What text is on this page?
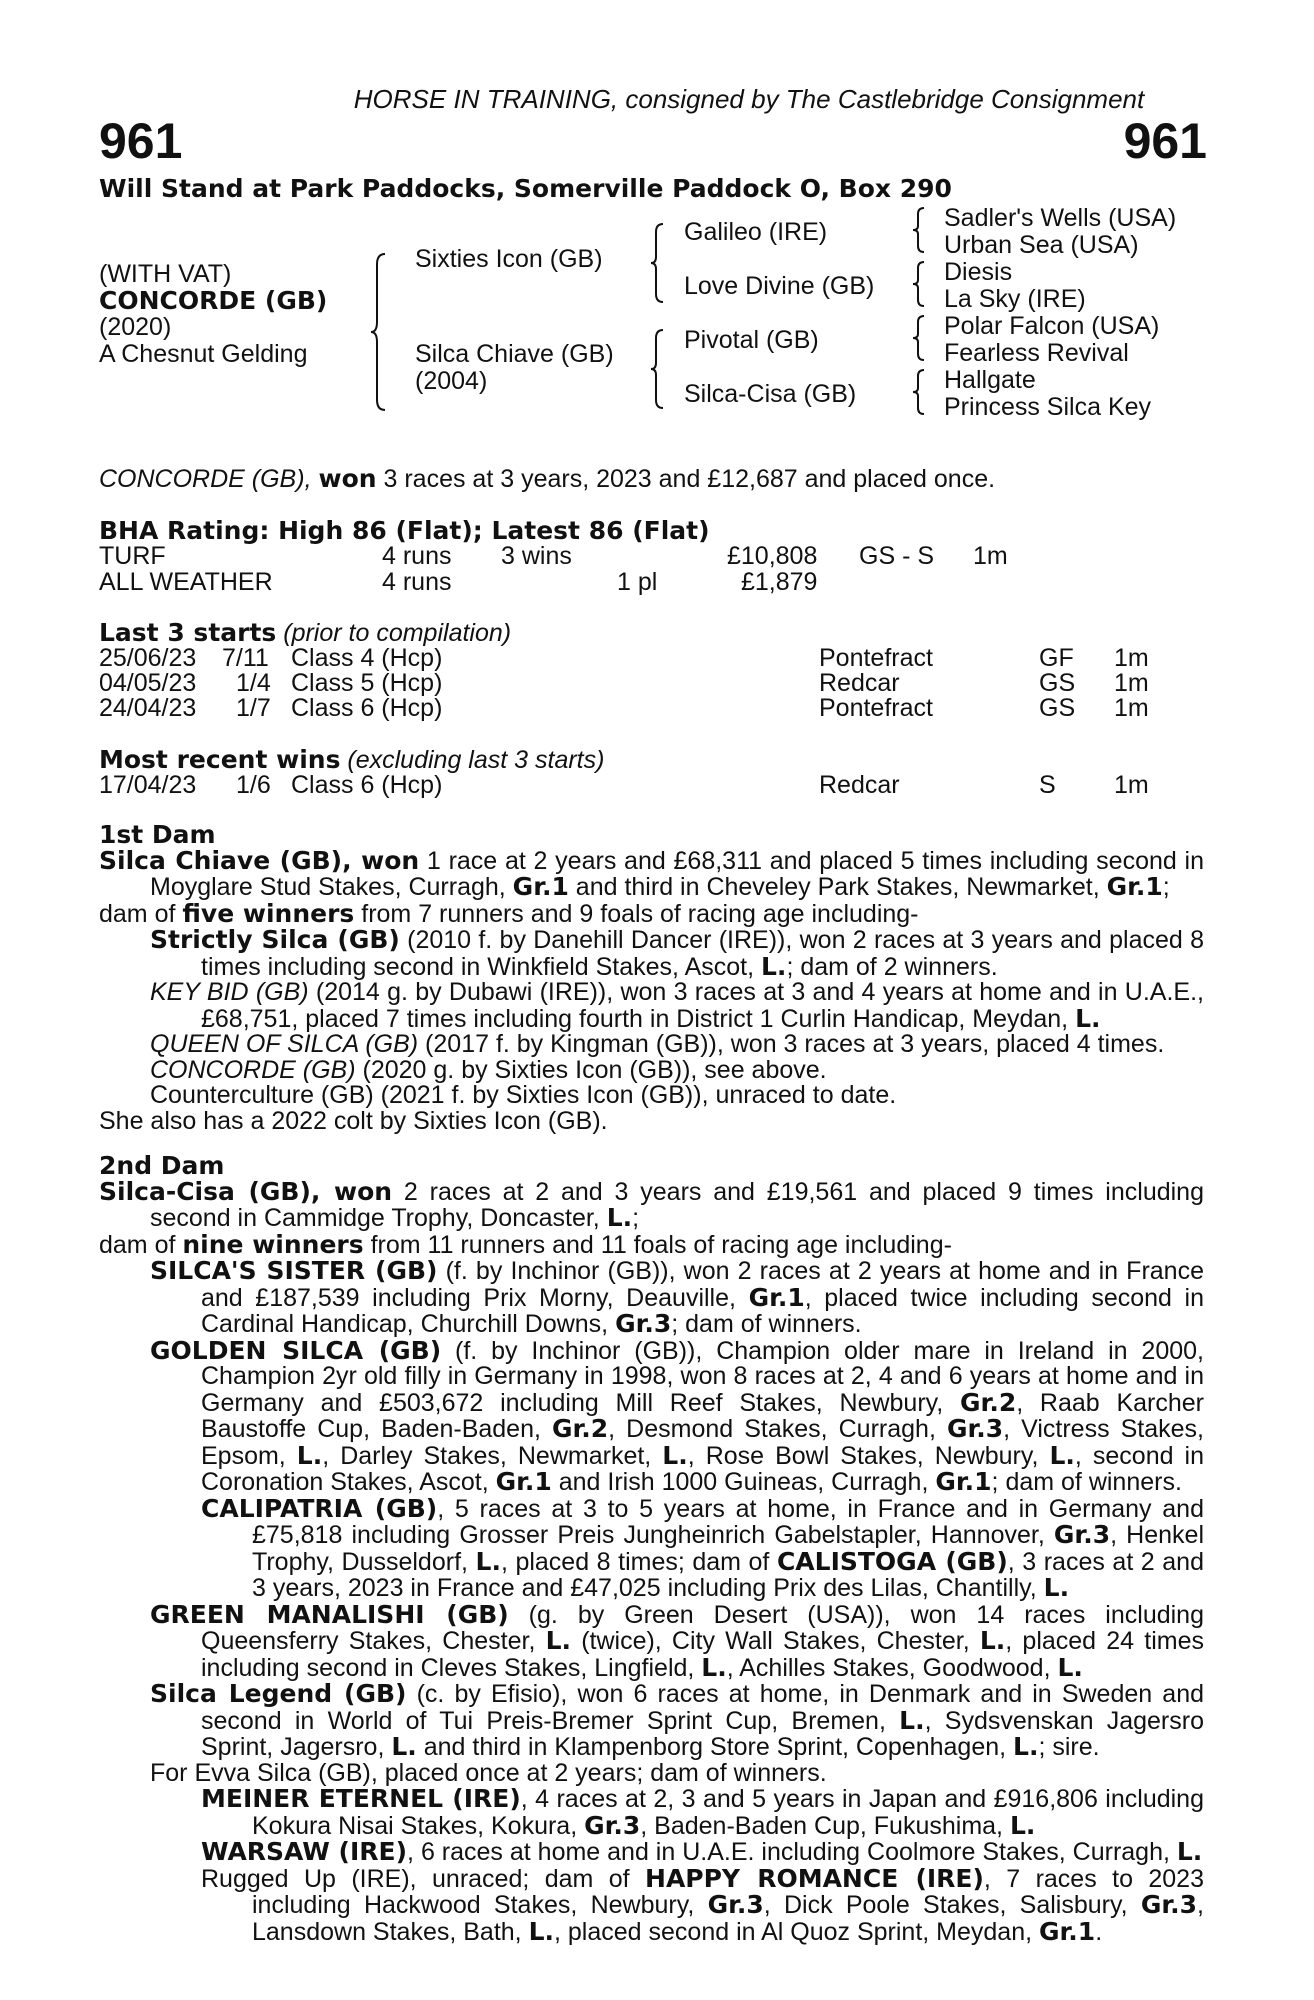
HORSE IN TRAINING, consigned by The Castlebridge Consignment
961	961
Will Stand at Park Paddocks, Somerville Paddock O, Box 290
(WITH VAT)
CONCORDE (GB)
(2020)
A Chesnut Gelding
Sixties Icon (GB)
Silca Chiave (GB)
(2004)
Galileo (IRE)
Love Divine (GB)
Pivotal (GB)
Silca-Cisa (GB)
Sadler's Wells (USA)
Urban Sea (USA)
Diesis
La Sky (IRE)
Polar Falcon (USA)
Fearless Revival
Hallgate
Princess Silca Key
CONCORDE (GB), won 3 races at 3 years, 2023 and £12,687 and placed once.
BHA Rating: High 86 (Flat); Latest 86 (Flat)
TURF	4 runs 3 wins	£10,808 GS - S 1m
ALL WEATHER	4 runs	1 pl	£1,879
Last 3 starts (prior to compilation)
25/06/23 7/11 Class 4 (Hcp)	Pontefract	GF 1m
04/05/23 1/4 Class 5 (Hcp)	Redcar	GS 1m
24/04/23 1/7 Class 6 (Hcp)	Pontefract	GS 1m
Most recent wins (excluding last 3 starts)
17/04/23 1/6 Class 6 (Hcp)	Redcar	S 1m

1st Dam

Silca Chiave (GB), won 1 race at 2 years and £68,311 and placed 5 times including second in Moyglare Stud Stakes, Curragh, Gr.1 and third in Cheveley Park Stakes, Newmarket, Gr.1;

dam of five winners from 7 runners and 9 foals of racing age including-

Strictly Silca (GB) (2010 f. by Danehill Dancer (IRE)), won 2 races at 3 years and placed 8 times including second in Winkfield Stakes, Ascot, L.; dam of 2 winners.

KEY BID (GB) (2014 g. by Dubawi (IRE)), won 3 races at 3 and 4 years at home and in U.A.E., £68,751, placed 7 times including fourth in District 1 Curlin Handicap, Meydan, L.

QUEEN OF SILCA (GB) (2017 f. by Kingman (GB)), won 3 races at 3 years, placed 4 times.

CONCORDE (GB) (2020 g. by Sixties Icon (GB)), see above.

Counterculture (GB) (2021 f. by Sixties Icon (GB)), unraced to date.

She also has a 2022 colt by Sixties Icon (GB).

2nd Dam

Silca-Cisa (GB), won 2 races at 2 and 3 years and £19,561 and placed 9 times including second in Cammidge Trophy, Doncaster, L.;

dam of nine winners from 11 runners and 11 foals of racing age including-

SILCA'S SISTER (GB) (f. by Inchinor (GB)), won 2 races at 2 years at home and in France and £187,539 including Prix Morny, Deauville, Gr.1, placed twice including second in Cardinal Handicap, Churchill Downs, Gr.3; dam of winners.

GOLDEN SILCA (GB) (f. by Inchinor (GB)), Champion older mare in Ireland in 2000, Champion 2yr old filly in Germany in 1998, won 8 races at 2, 4 and 6 years at home and in Germany and £503,672 including Mill Reef Stakes, Newbury, Gr.2, Raab Karcher Baustoffe Cup, Baden-Baden, Gr.2, Desmond Stakes, Curragh, Gr.3, Victress Stakes, Epsom, L., Darley Stakes, Newmarket, L., Rose Bowl Stakes, Newbury, L., second in Coronation Stakes, Ascot, Gr.1 and Irish 1000 Guineas, Curragh, Gr.1; dam of winners.

CALIPATRIA (GB), 5 races at 3 to 5 years at home, in France and in Germany and £75,818 including Grosser Preis Jungheinrich Gabelstapler, Hannover, Gr.3, Henkel Trophy, Dusseldorf, L., placed 8 times; dam of CALISTOGA (GB), 3 races at 2 and 3 years, 2023 in France and £47,025 including Prix des Lilas, Chantilly, L.

GREEN MANALISHI (GB) (g. by Green Desert (USA)), won 14 races including Queensferry Stakes, Chester, L. (twice), City Wall Stakes, Chester, L., placed 24 times including second in Cleves Stakes, Lingfield, L., Achilles Stakes, Goodwood, L.

Silca Legend (GB) (c. by Efisio), won 6 races at home, in Denmark and in Sweden and second in World of Tui Preis-Bremer Sprint Cup, Bremen, L., Sydsvenskan Jagersro Sprint, Jagersro, L. and third in Klampenborg Store Sprint, Copenhagen, L.; sire.

For Evva Silca (GB), placed once at 2 years; dam of winners.

MEINER ETERNEL (IRE), 4 races at 2, 3 and 5 years in Japan and £916,806 including Kokura Nisai Stakes, Kokura, Gr.3, Baden-Baden Cup, Fukushima, L.

WARSAW (IRE), 6 races at home and in U.A.E. including Coolmore Stakes, Curragh, L.

Rugged Up (IRE), unraced; dam of HAPPY ROMANCE (IRE), 7 races to 2023 including Hackwood Stakes, Newbury, Gr.3, Dick Poole Stakes, Salisbury, Gr.3, Lansdown Stakes, Bath, L., placed second in Al Quoz Sprint, Meydan, Gr.1.
